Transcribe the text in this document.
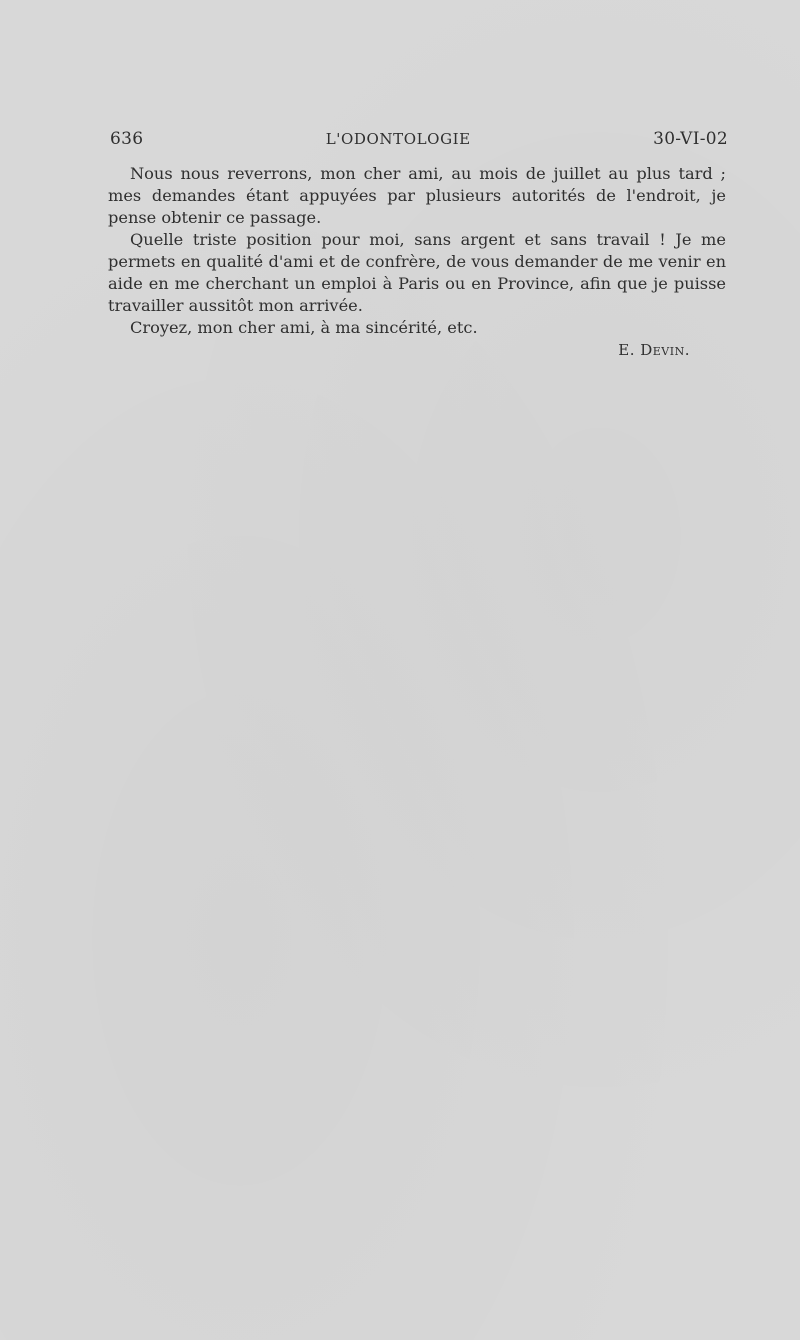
636	L'ODONTOLOGIE	30-VI-02

Nous nous reverrons, mon cher ami, au mois de juillet au plus tard ; mes demandes étant appuyées par plusieurs autorités de l'endroit, je pense obtenir ce passage.

Quelle triste position pour moi, sans argent et sans travail ! Je me permets en qualité d'ami et de confrère, de vous demander de me venir en aide en me cherchant un emploi à Paris ou en Province, afin que je puisse travailler aussitôt mon arrivée.

Croyez, mon cher ami, à ma sincérité, etc.

E. Devin.
